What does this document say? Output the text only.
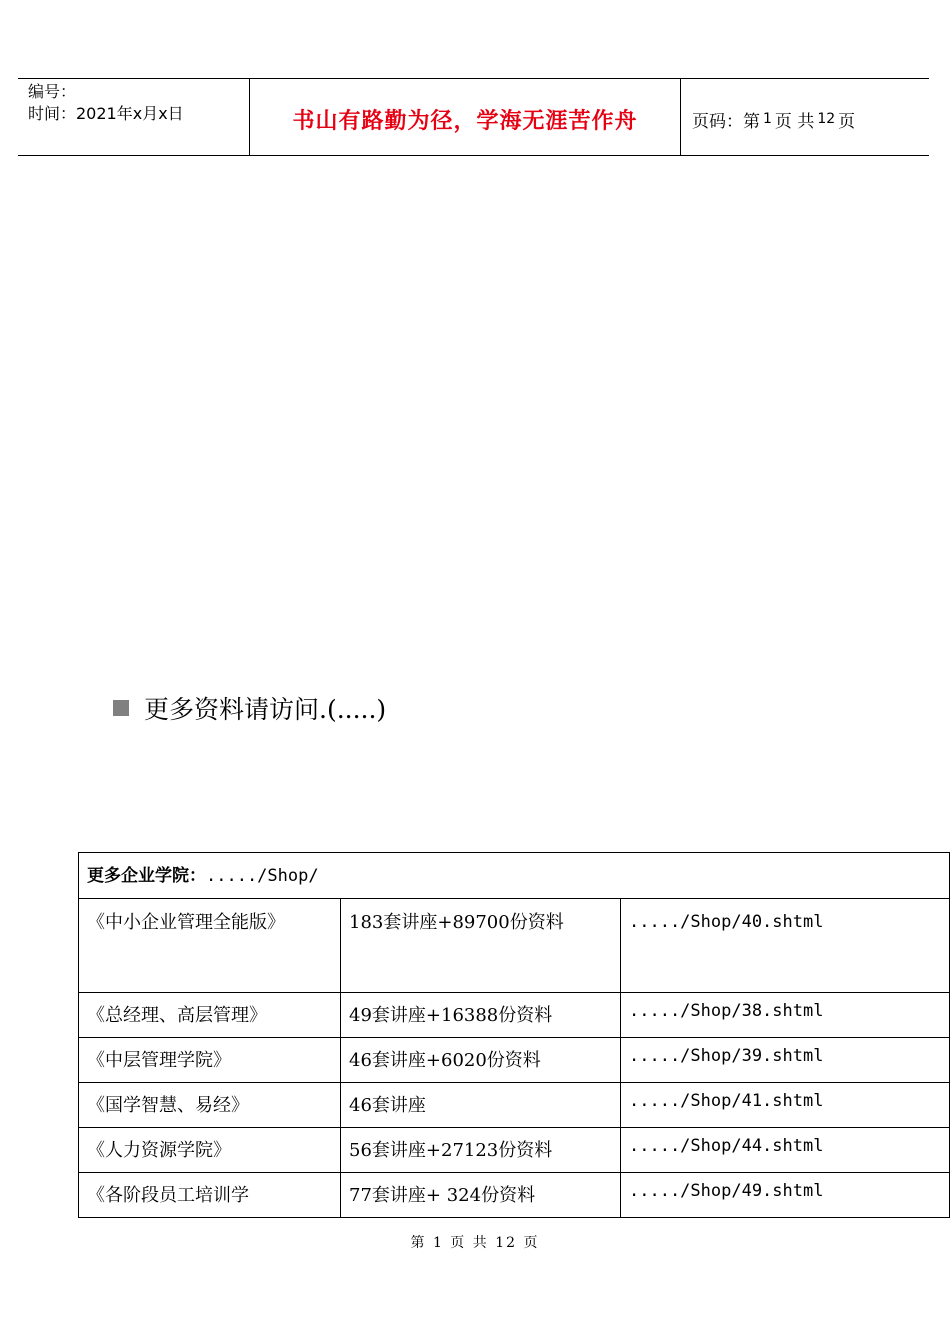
编号：
时间：2021年x月x日	书山有路勤为径，学海无涯苦作舟	页码：第 1 页 共 12 页
更多资料请访问.(.....)
更多企业学院：...../Shop/		
《中小企业管理全能版》	183套讲座+89700份资料	...../Shop/40.shtml
《总经理、高层管理》	49套讲座+16388份资料	...../Shop/38.shtml
《中层管理学院》	46套讲座+6020份资料	...../Shop/39.shtml
《国学智慧、易经》	46套讲座	...../Shop/41.shtml
《人力资源学院》	56套讲座+27123份资料	...../Shop/44.shtml
《各阶段员工培训学	77套讲座+ 324份资料	...../Shop/49.shtml
第 1 页 共 12 页
